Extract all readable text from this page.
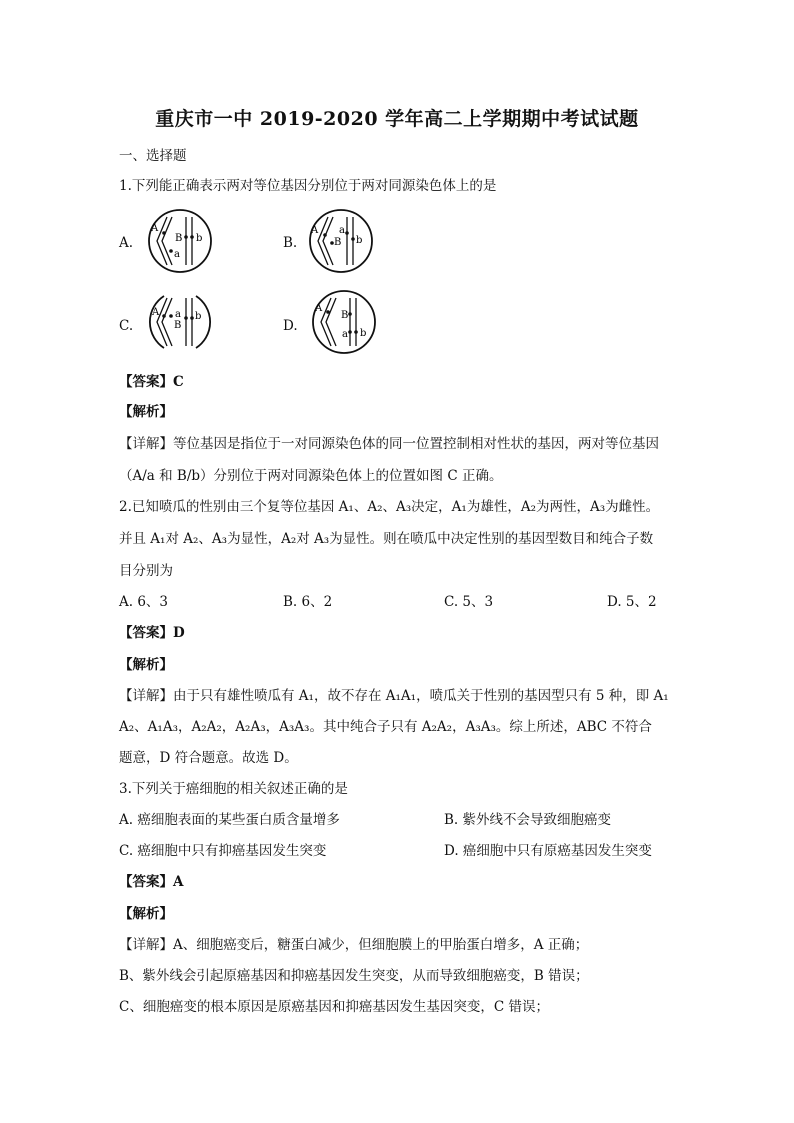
重庆市一中 2019-2020 学年高二上学期期中考试试题
一、选择题
1.下列能正确表示两对等位基因分别位于两对同源染色体上的是
A.
A
a
B b	B.
A a
B b
C.
A a
B
b
D.
A
a
B
b
【答案】C
【解析】
【详解】等位基因是指位于一对同源染色体的同一位置控制相对性状的基因，两对等位基因
（A/a 和 B/b）分别位于两对同源染色体上的位置如图 C 正确。
2.已知喷瓜的性别由三个复等位基因 A₁、A₂、A₃决定，A₁为雄性，A₂为两性，A₃为雌性。
并且 A₁对 A₂、A₃为显性，A₂对 A₃为显性。则在喷瓜中决定性别的基因型数目和纯合子数
目分别为
A. 6、3	B. 6、2	C. 5、3	D. 5、2
【答案】D
【解析】
【详解】由于只有雄性喷瓜有 A₁，故不存在 A₁A₁，喷瓜关于性别的基因型只有 5 种，即 A₁
A₂、A₁A₃，A₂A₂，A₂A₃，A₃A₃。其中纯合子只有 A₂A₂，A₃A₃。综上所述，ABC 不符合
题意，D 符合题意。故选 D。
3.下列关于癌细胞的相关叙述正确的是
A. 癌细胞表面的某些蛋白质含量增多	B. 紫外线不会导致细胞癌变
C. 癌细胞中只有抑癌基因发生突变	D. 癌细胞中只有原癌基因发生突变
【答案】A
【解析】
【详解】A、细胞癌变后，糖蛋白减少，但细胞膜上的甲胎蛋白增多，A 正确；
B、紫外线会引起原癌基因和抑癌基因发生突变，从而导致细胞癌变，B 错误；
C、细胞癌变的根本原因是原癌基因和抑癌基因发生基因突变，C 错误；
